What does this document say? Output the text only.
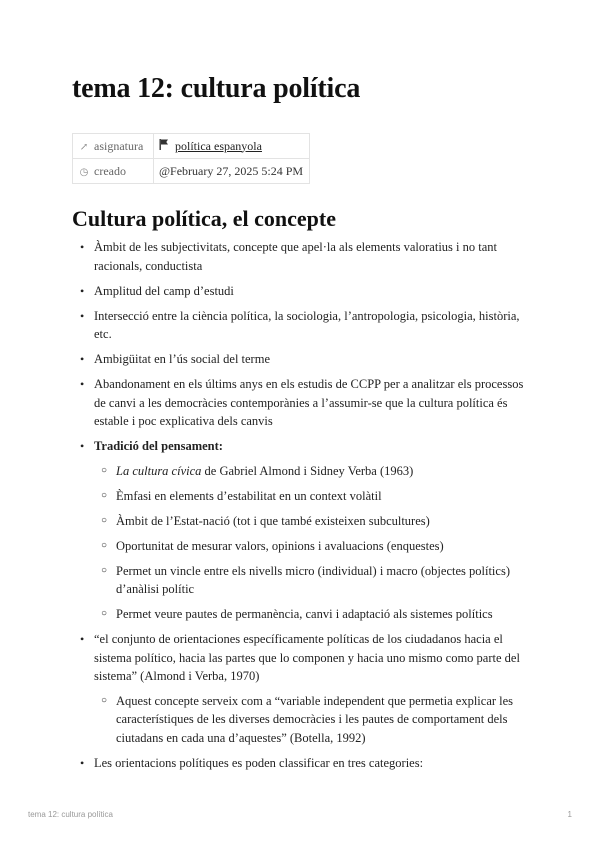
tema 12: cultura política
↗ asignatura	política espanyola
◷ creado	@February 27, 2025 5:24 PM
Cultura política, el concepte
• Àmbit de les subjectivitats, concepte que apel·la als elements valoratius i no tant racionals, conductista
• Amplitud del camp d’estudi
• Intersecció entre la ciència política, la sociologia, l’antropologia, psicologia, història, etc.
• Ambigüitat en l’ús social del terme
• Abandonament en els últims anys en els estudis de CCPP per a analitzar els processos de canvi a les democràcies contemporànies a l’assumir-se que la cultura política és estable i poc explicativa dels canvis
• Tradició del pensament:
○ La cultura cívica de Gabriel Almond i Sidney Verba (1963)
○ Èmfasi en elements d’estabilitat en un context volàtil
○ Àmbit de l’Estat-nació (tot i que també existeixen subcultures)
○ Oportunitat de mesurar valors, opinions i avaluacions (enquestes)
○ Permet un vincle entre els nivells micro (individual) i macro (objectes polítics) d’anàlisi polític
○ Permet veure pautes de permanència, canvi i adaptació als sistemes polítics
• “el conjunto de orientaciones específicamente políticas de los ciudadanos hacia el sistema político, hacia las partes que lo componen y hacia uno mismo como parte del sistema” (Almond i Verba, 1970)
○ Aquest concepte serveix com a “variable independent que permetia explicar les característiques de les diverses democràcies i les pautes de comportament dels ciutadans en cada una d’aquestes” (Botella, 1992)
• Les orientacions polítiques es poden classificar en tres categories:
tema 12: cultura política	1
